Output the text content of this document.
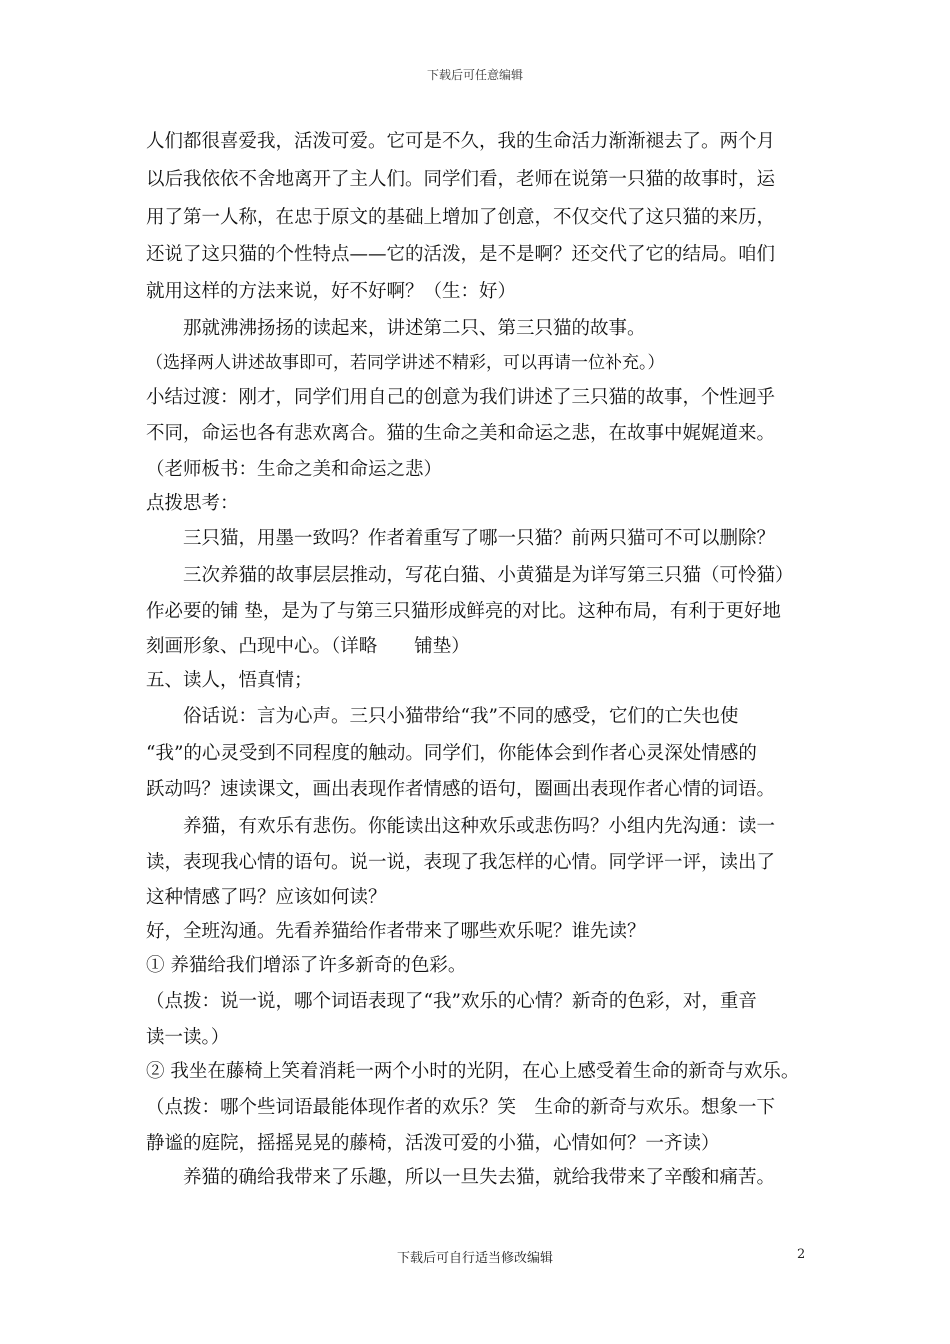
下载后可任意编辑
人们都很喜爱我，活泼可爱。它可是不久，我的生命活力渐渐褪去了。两个月
以后我依依不舍地离开了主人们。同学们看，老师在说第一只猫的故事时，运
用了第一人称，在忠于原文的基础上增加了创意，不仅交代了这只猫的来历，
还说了这只猫的个性特点——它的活泼，是不是啊？还交代了它的结局。咱们
就用这样的方法来说，好不好啊？（生：好）
　　那就沸沸扬扬的读起来，讲述第二只、第三只猫的故事。
（选择两人讲述故事即可，若同学讲述不精彩，可以再请一位补充。）
小结过渡：刚才，同学们用自己的创意为我们讲述了三只猫的故事，个性迥乎
不同，命运也各有悲欢离合。猫的生命之美和命运之悲，在故事中娓娓道来。
（老师板书：生命之美和命运之悲）
点拨思考：
　　三只猫，用墨一致吗？作者着重写了哪一只猫？前两只猫可不可以删除？
　　三次养猫的故事层层推动，写花白猫、小黄猫是为详写第三只猫（可怜猫）
作必要的铺 垫，是为了与第三只猫形成鲜亮的对比。这种布局，有利于更好地
刻画形象、凸现中心。（详略　　铺垫）
五、读人，悟真情；
　　俗话说：言为心声。三只小猫带给“我”不同的感受，它们的亡失也使
“我”的心灵受到不同程度的触动。同学们，你能体会到作者心灵深处情感的
跃动吗？速读课文，画出表现作者情感的语句，圈画出表现作者心情的词语。
　　养猫，有欢乐有悲伤。你能读出这种欢乐或悲伤吗？小组内先沟通：读一
读，表现我心情的语句。说一说，表现了我怎样的心情。同学评一评，读出了
这种情感了吗？应该如何读？
好，全班沟通。先看养猫给作者带来了哪些欢乐呢？谁先读？
① 养猫给我们增添了许多新奇的色彩。
（点拨：说一说，哪个词语表现了“我”欢乐的心情？新奇的色彩，对，重音
读一读。）
② 我坐在藤椅上笑着消耗一两个小时的光阴，在心上感受着生命的新奇与欢乐。
（点拨：哪个些词语最能体现作者的欢乐？笑　生命的新奇与欢乐。想象一下
静谧的庭院，摇摇晃晃的藤椅，活泼可爱的小猫，心情如何？一齐读）
　　养猫的确给我带来了乐趣，所以一旦失去猫，就给我带来了辛酸和痛苦。
下载后可自行适当修改编辑	2
